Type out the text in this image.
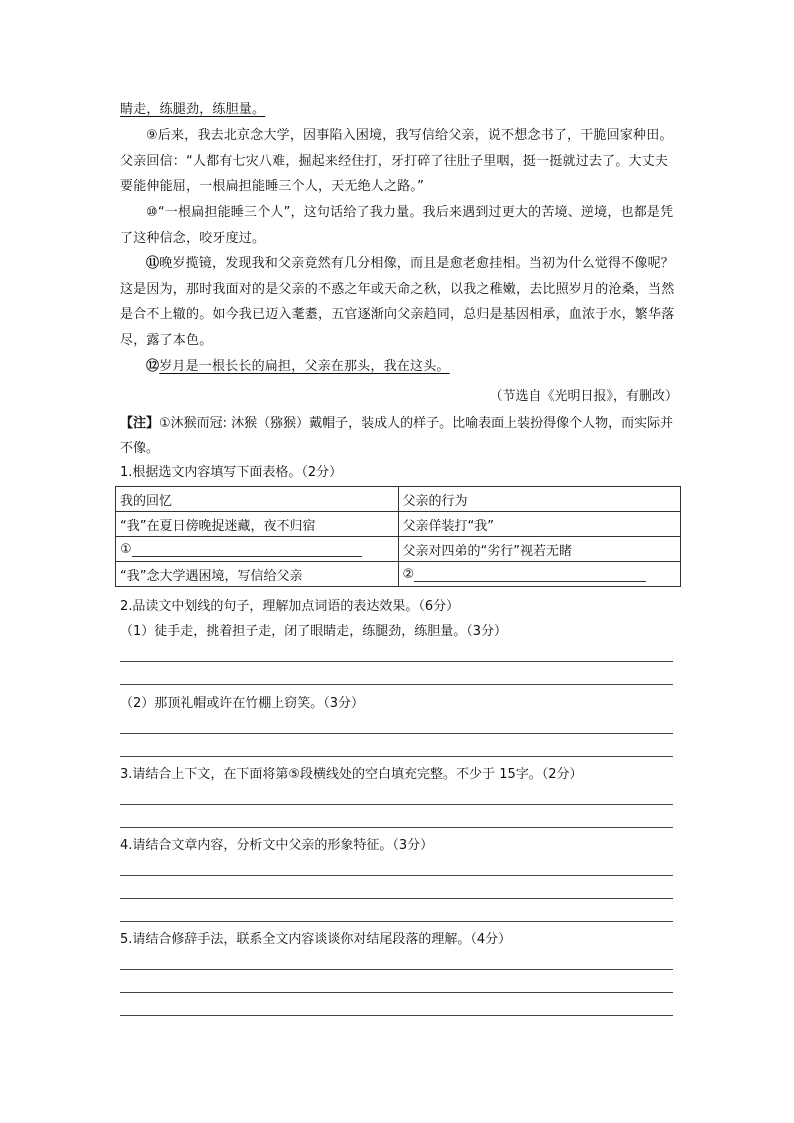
睛走，练腿劲，练胆量。
⑨后来，我去北京念大学，因事陷入困境，我写信给父亲，说不想念书了，干脆回家种田。父亲回信：“人都有七灾八难，掘起来经住打，牙打碎了往肚子里咽，挺一挺就过去了。大丈夫要能伸能屈，一根扁担能睡三个人，天无绝人之路。”
⑩“一根扁担能睡三个人”，这句话给了我力量。我后来遇到过更大的苦境、逆境，也都是凭了这种信念，咬牙度过。
⑪晚岁揽镜，发现我和父亲竟然有几分相像，而且是愈老愈挂相。当初为什么觉得不像呢？这是因为，那时我面对的是父亲的不惑之年或天命之秋，以我之稚嫩，去比照岁月的沧桑，当然是合不上辙的。如今我已迈入耄耋，五官逐渐向父亲趋同，总归是基因相承，血浓于水，繁华落尽，露了本色。
⑫岁月是一根长长的扁担，父亲在那头，我在这头。
（节选自《光明日报》，有删改）
【注】①沐猴而冠: 沐猴（猕猴）戴帽子，装成人的样子。比喻表面上装扮得像个人物，而实际并不像。
1.根据选文内容填写下面表格。（2分）
我的回忆	父亲的行为
“我”在夏日傍晚捉迷藏，夜不归宿	父亲佯装打“我”
①	父亲对四弟的“劣行”视若无睹
“我”念大学遇困境，写信给父亲	②
2.品读文中划线的句子，理解加点词语的表达效果。（6分）
（1）徒手走，挑着担子走，闭了眼睛走，练腿劲，练胆量。（3分）
（2）那顶礼帽或许在竹棚上窃笑。（3分）
3.请结合上下文，在下面将第⑤段横线处的空白填充完整。不少于 15字。（2分）
4.请结合文章内容，分析文中父亲的形象特征。（3分）
5.请结合修辞手法，联系全文内容谈谈你对结尾段落的理解。（4分）
